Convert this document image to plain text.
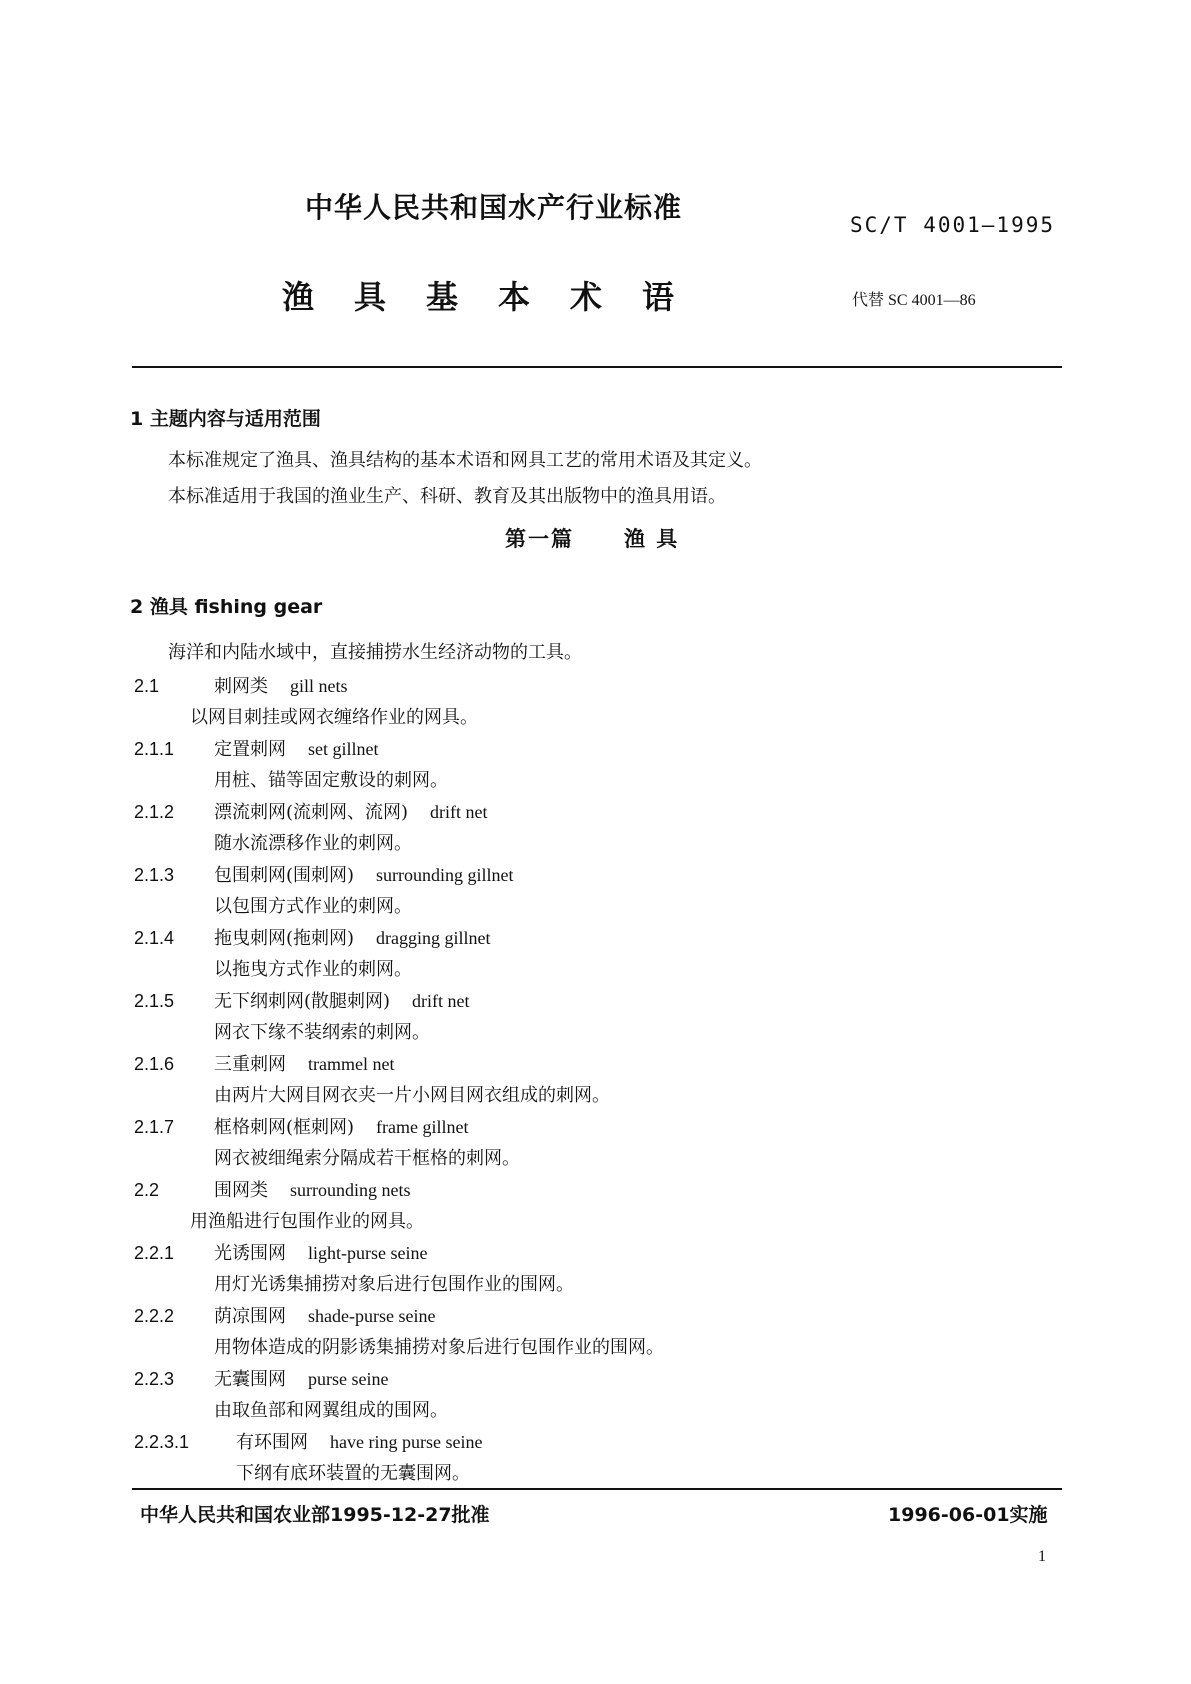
中华人民共和国水产行业标准
SC/T 4001—1995
渔具基本术语	代替 SC 4001—86
1 主题内容与适用范围
本标准规定了渔具、渔具结构的基本术语和网具工艺的常用术语及其定义。
本标准适用于我国的渔业生产、科研、教育及其出版物中的渔具用语。
第一篇 渔 具
2 渔具 fishing gear
海洋和内陆水域中，直接捕捞水生经济动物的工具。
2.1	刺网类 gill nets
以网目刺挂或网衣缠络作业的网具。
2.1.1 定置刺网 set gillnet
用桩、锚等固定敷设的刺网。
2.1.2 漂流刺网(流刺网、流网) drift net
随水流漂移作业的刺网。
2.1.3 包围刺网(围刺网) surrounding gillnet
以包围方式作业的刺网。
2.1.4 拖曳刺网(拖刺网) dragging gillnet
以拖曳方式作业的刺网。
2.1.5 无下纲刺网(散腿刺网) drift net
网衣下缘不装纲索的刺网。
2.1.6 三重刺网 trammel net
由两片大网目网衣夹一片小网目网衣组成的刺网。
2.1.7 框格刺网(框刺网) frame gillnet
网衣被细绳索分隔成若干框格的刺网。
2.2	围网类 surrounding nets
用渔船进行包围作业的网具。
2.2.1 光诱围网 light-purse seine
用灯光诱集捕捞对象后进行包围作业的围网。
2.2.2 荫凉围网 shade-purse seine
用物体造成的阴影诱集捕捞对象后进行包围作业的围网。
2.2.3 无囊围网 purse seine
由取鱼部和网翼组成的围网。
2.2.3.1	有环围网 have ring purse seine
下纲有底环装置的无囊围网。
中华人民共和国农业部1995-12-27批准	1996-06-01实施
1
